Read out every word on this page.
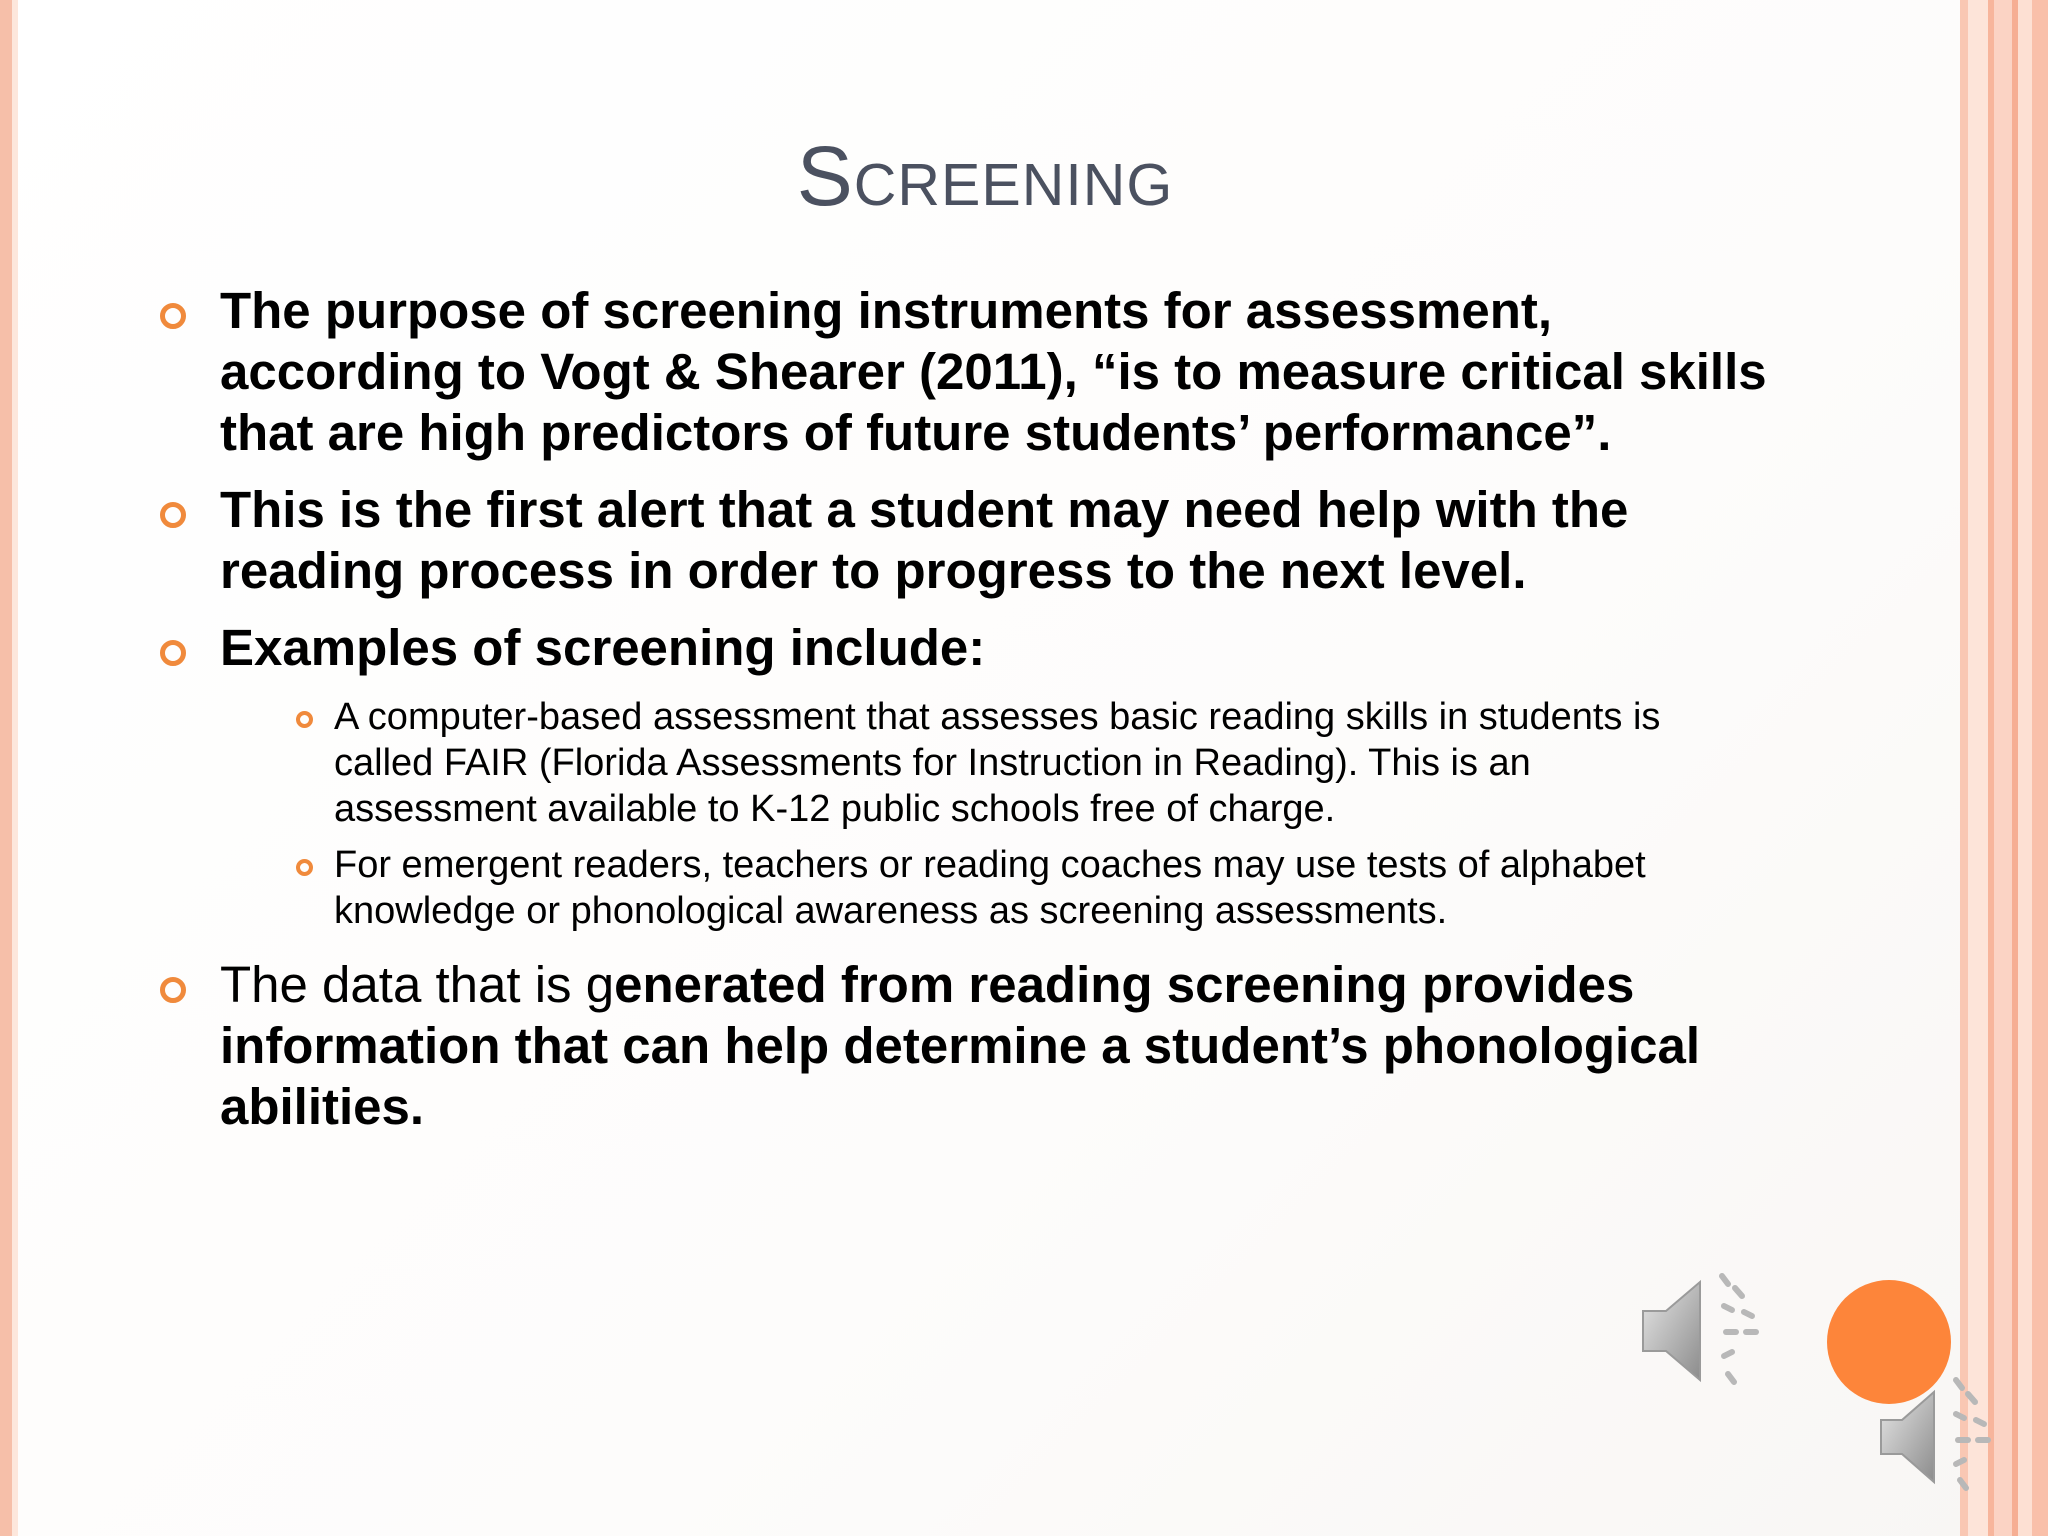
Screening
The purpose of screening instruments for assessment, according to Vogt & Shearer (2011), “is to measure critical skills that are high predictors of future students’ performance”.
This is the first alert that a student may need help with the reading process in order to progress to the next level.
Examples of screening include:
A computer-based assessment that assesses basic reading skills in students is called FAIR (Florida Assessments for Instruction in Reading). This is an assessment available to K-12 public schools free of charge.
For emergent readers, teachers or reading coaches may use tests of alphabet knowledge or phonological awareness as screening assessments.
The data that is generated from reading screening provides information that can help determine a student’s phonological abilities.
